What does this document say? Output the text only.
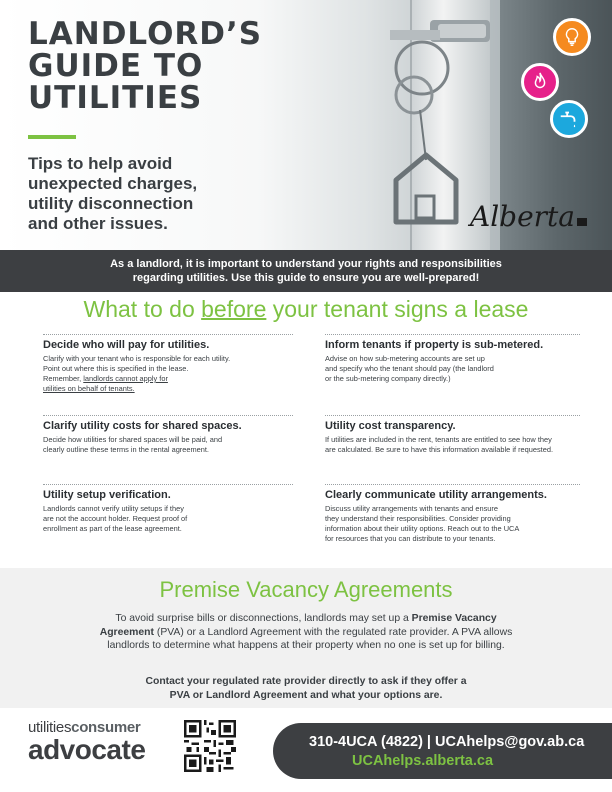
LANDLORD’S
GUIDE TO
UTILITIES
Tips to help avoid
unexpected charges,
utility disconnection
and other issues.	Alberta
As a landlord, it is important to understand your rights and responsibilities
regarding utilities. Use this guide to ensure you are well-prepared!
What to do before your tenant signs a lease
Decide who will pay for utilities.

Clarify with your tenant who is responsible for each utility.
Point out where this is specified in the lease.
Remember, landlords cannot apply for
utilities on behalf of tenants.

Inform tenants if property is sub-metered.

Advise on how sub-metering accounts are set up
and specify who the tenant should pay (the landlord
or the sub-metering company directly.)

Clarify utility costs for shared spaces.

Decide how utilities for shared spaces will be paid, and
clearly outline these terms in the rental agreement.

Utility cost transparency.

If utilities are included in the rent, tenants are entitled to see how they
are calculated. Be sure to have this information available if requested.

Utility setup verification.

Landlords cannot verify utility setups if they
are not the account holder. Request proof of
enrollment as part of the lease agreement.

Clearly communicate utility arrangements.

Discuss utility arrangements with tenants and ensure
they understand their responsibilities. Consider providing
information about their utility options. Reach out to the UCA
for resources that you can distribute to your tenants.

Premise Vacancy Agreements
To avoid surprise bills or disconnections, landlords may set up a Premise Vacancy
Agreement (PVA) or a Landlord Agreement with the regulated rate provider. A PVA allows
landlords to determine what happens at their property when no one is set up for billing.
Contact your regulated rate provider directly to ask if they offer a
PVA or Landlord Agreement and what your options are.
utilitiesconsumer
advocate	310-4UCA (4822) | UCAhelps@gov.ab.ca
UCAhelps.alberta.ca
